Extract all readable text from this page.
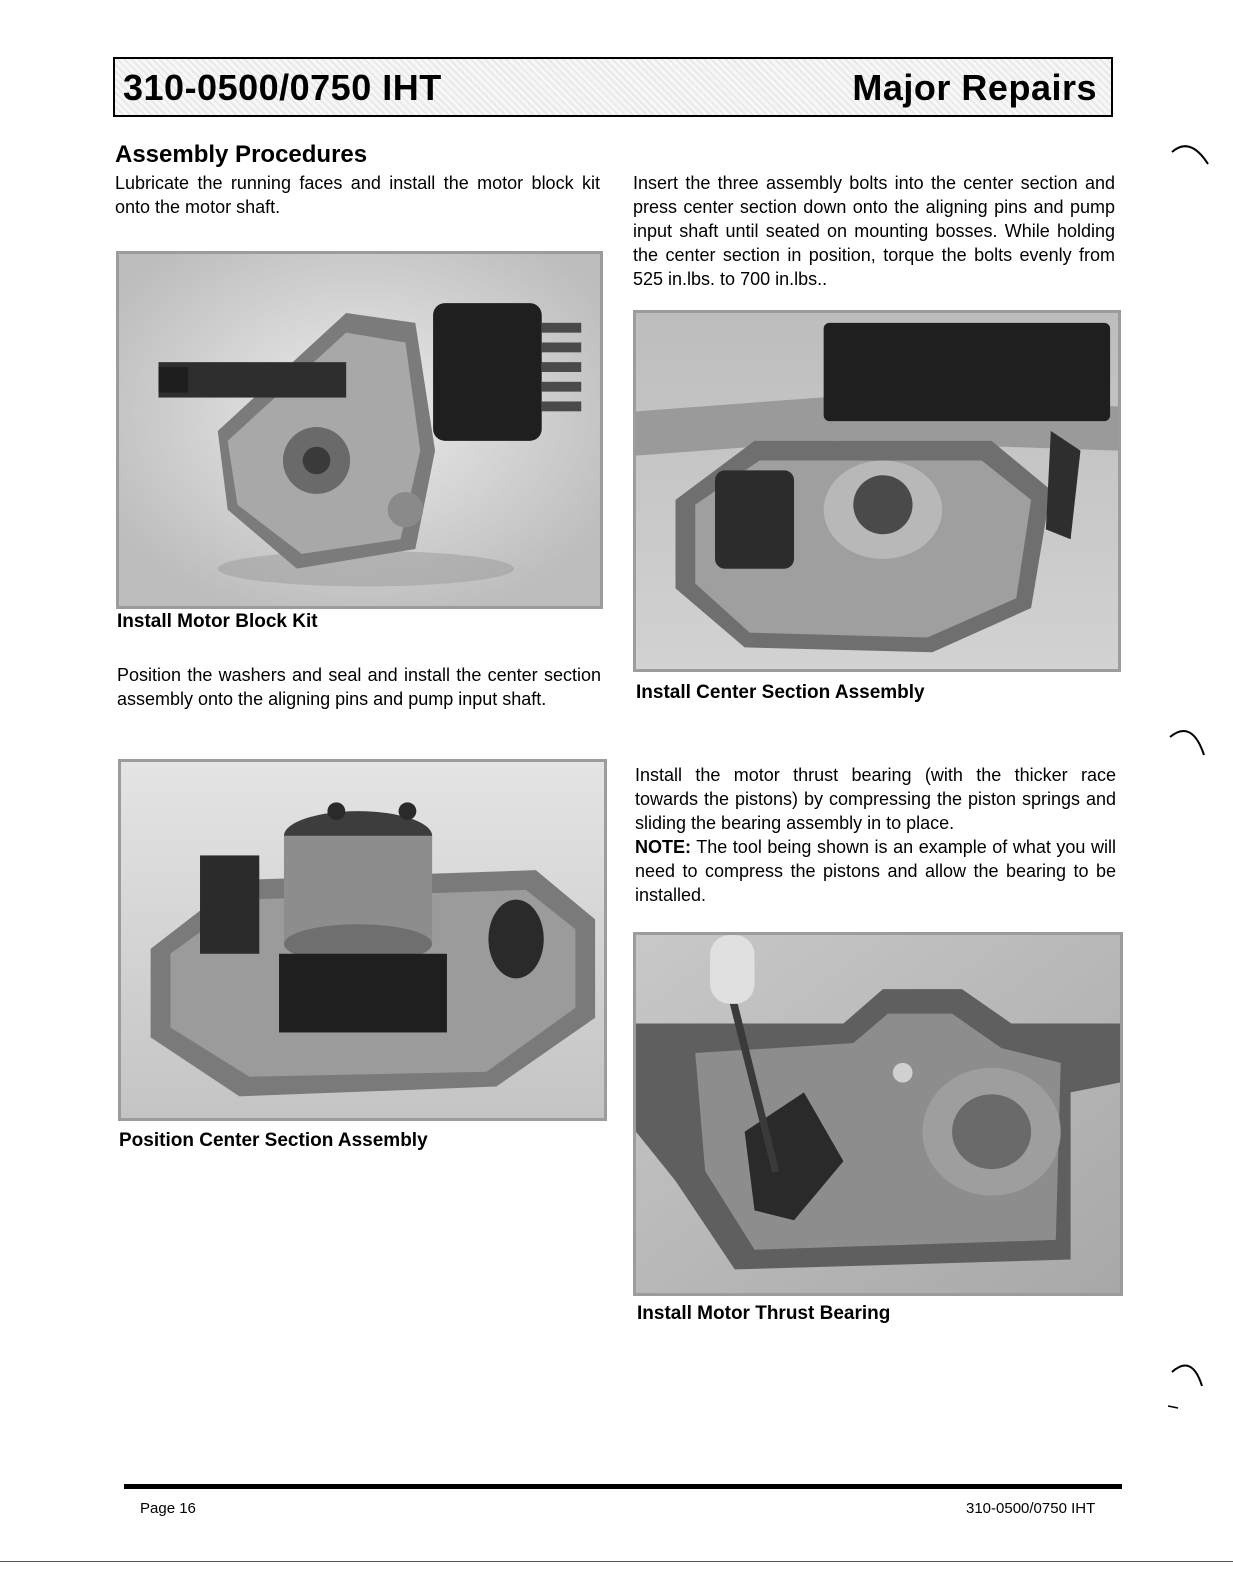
310-0500/0750 IHT	Major Repairs
Assembly Procedures
Lubricate the running faces and install the motor block kit onto the motor shaft.
Install Motor Block Kit
Position the washers and seal and install the center section assembly onto the aligning pins and pump input shaft.
Position Center Section Assembly
Insert the three assembly bolts into the center section and press center section down onto the aligning pins and pump input shaft until seated on mounting bosses. While holding the center section in position, torque the bolts evenly from 525 in.lbs. to 700 in.lbs..
Install Center Section Assembly
Install the motor thrust bearing (with the thicker race towards the pistons) by compressing the piston springs and sliding the bearing assembly in to place.
NOTE: The tool being shown is an example of what you will need to compress the pistons and allow the bearing to be installed.
Install Motor Thrust Bearing
Page 16	310-0500/0750 IHT
